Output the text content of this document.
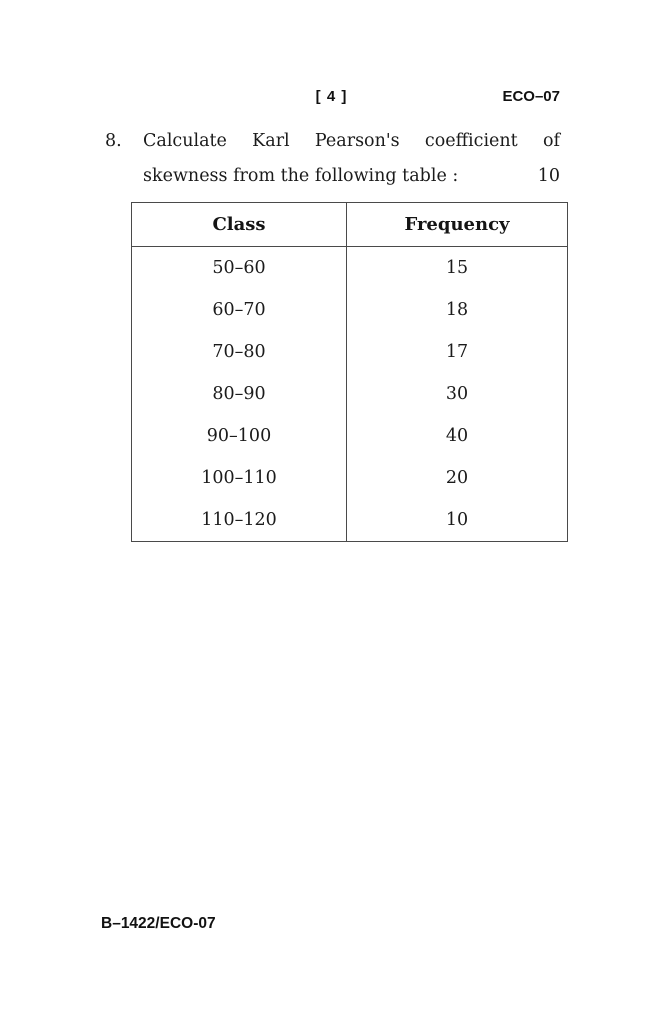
[ 4 ]	ECO–07
8. Calculate Karl Pearson's coefficient of
skewness from the following table :	10
Class	Frequency
50–60	15
60–70	18
70–80	17
80–90	30
90–100	40
100–110	20
110–120	10
B–1422/ECO-07
